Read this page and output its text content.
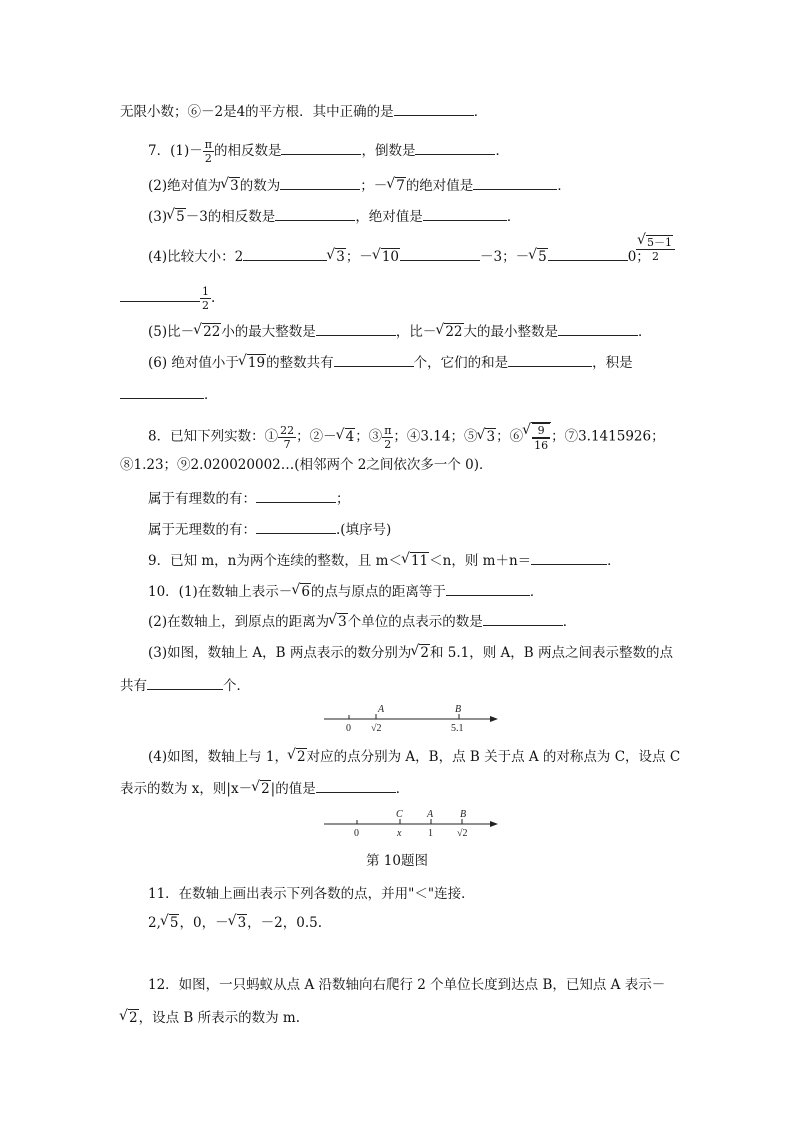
无限小数；⑥－2是4的平方根．其中正确的是	．
7．$(1)- \frac{\pi}{2}$ 的相反数是	，倒数是	．
(2)绝对值为 √ 3的数为	；－ √ 7的绝对值是	．
(3) √ 5－3的相反数是	，绝对值是	．
(4)比较大小：2	√ 3；－ √ 10	－3；－ √ 5	0；
√ $\frac{5-1}{2}$
$\frac{1}{2}$ .
(5)比－ √ 22小的最大整数是	，比－ √ 22大的最小整数是	．
(6) 绝对值小于 √ 19的整数共有	个，它们的和是	，积是
．
8．已知下列实数：① $\frac{22}{7}$ ；②－ √ 4；③ $\frac{\pi}{2}$ ；④3.14；⑤ √ 3；⑥ √ $\frac{9}{16}$ ；⑦3.1415926；
⑧1.23；⑨2.020020002…(相邻两个 2之间依次多一个 0)．
属于有理数的有：	；
属于无理数的有：	.(填序号)
9．已知 m，n为两个连续的整数，且 m＜ √ 11＜n，则 m＋n＝	．
10．(1)在数轴上表示－ √ 6的点与原点的距离等于	．
(2)在数轴上，到原点的距离为 √ 3个单位的点表示的数是	．
(3)如图，数轴上 A，B 两点表示的数分别为 √ 2和 5.1，则 A，B 两点之间表示整数的点
共有	个．
A	B
0 √2	5.1
(4)如图，数轴上与 1， √ 2对应的点分别为 A，B，点 B 关于点 A 的对称点为 C，设点 C
表示的数为 x，则|x－ √ 2|的值是	．
C A	B
0	x	1 √2
第 10题图
11．在数轴上画出表示下列各数的点，并用"＜"连接．
2, √ 5，0，－ √ 3，－2，0.5.
12．如图，一只蚂蚁从点 A 沿数轴向右爬行 2 个单位长度到达点 B，已知点 A 表示－
√ 2，设点 B 所表示的数为 m.
